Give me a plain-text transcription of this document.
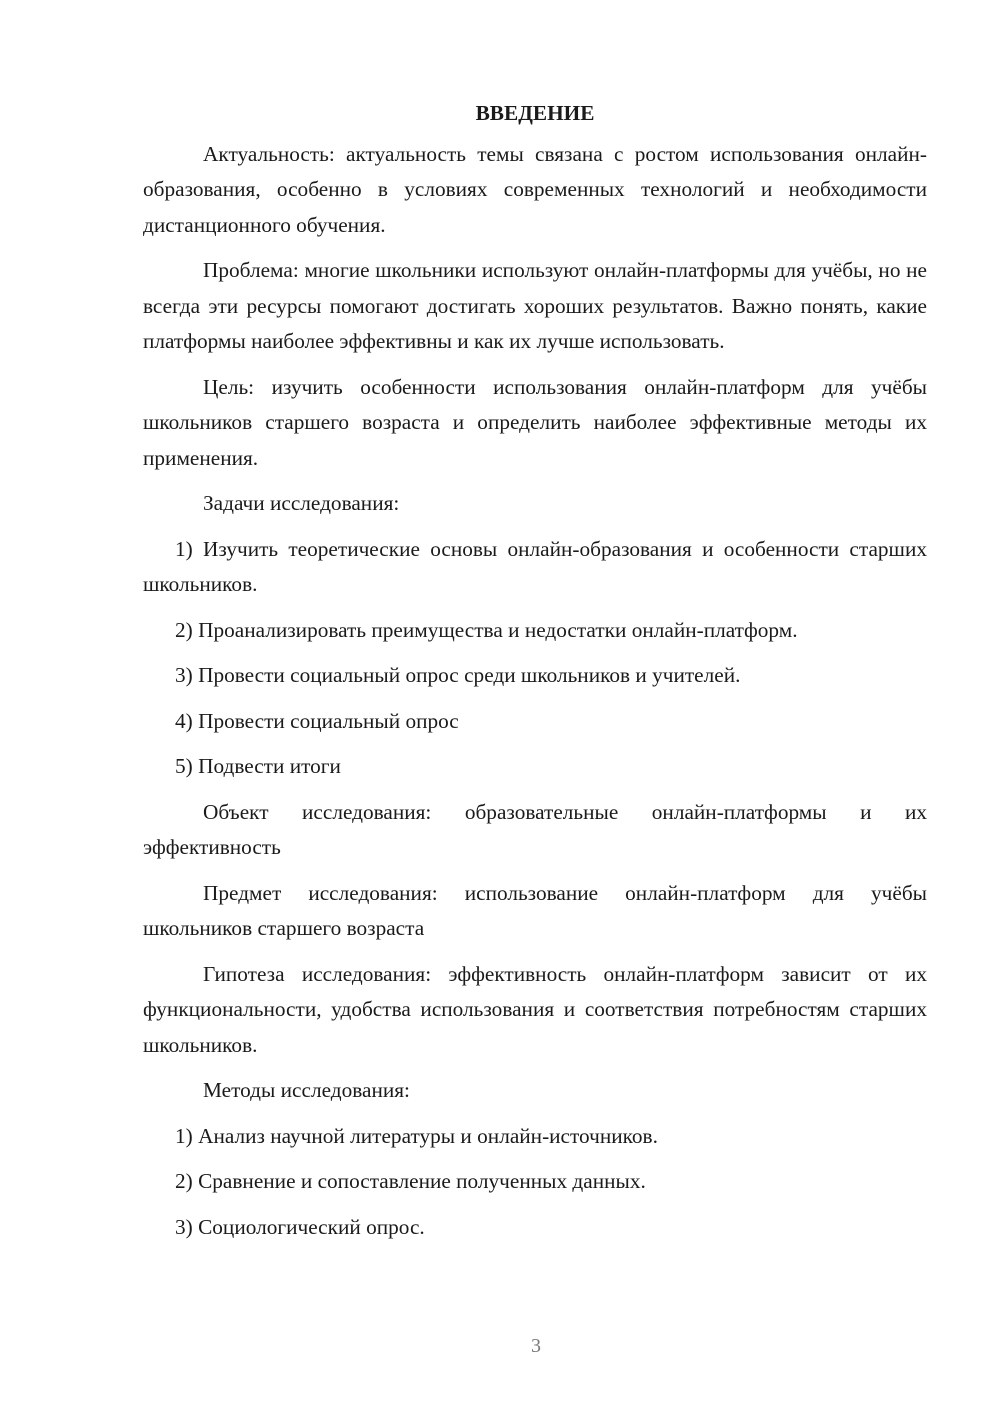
ВВЕДЕНИЕ

Актуальность: актуальность темы связана с ростом использования онлайн-образования, особенно в условиях современных технологий и необходимости дистанционного обучения.

Проблема: многие школьники используют онлайн-платформы для учёбы, но не всегда эти ресурсы помогают достигать хороших результатов. Важно понять, какие платформы наиболее эффективны и как их лучше использовать.

Цель: изучить особенности использования онлайн-платформ для учёбы школьников старшего возраста и определить наиболее эффективные методы их применения.

Задачи исследования:

1) Изучить теоретические основы онлайн-образования и особенности старших школьников.

2) Проанализировать преимущества и недостатки онлайн-платформ.

3) Провести социальный опрос среди школьников и учителей.

4) Провести социальный опрос

5) Подвести итоги

Объект исследования: образовательные онлайн-платформы и их эффективность

Предмет исследования: использование онлайн-платформ для учёбы школьников старшего возраста

Гипотеза исследования: эффективность онлайн-платформ зависит от их функциональности, удобства использования и соответствия потребностям старших школьников.

Методы исследования:

1) Анализ научной литературы и онлайн-источников.

2) Сравнение и сопоставление полученных данных.

3) Социологический опрос.

3
